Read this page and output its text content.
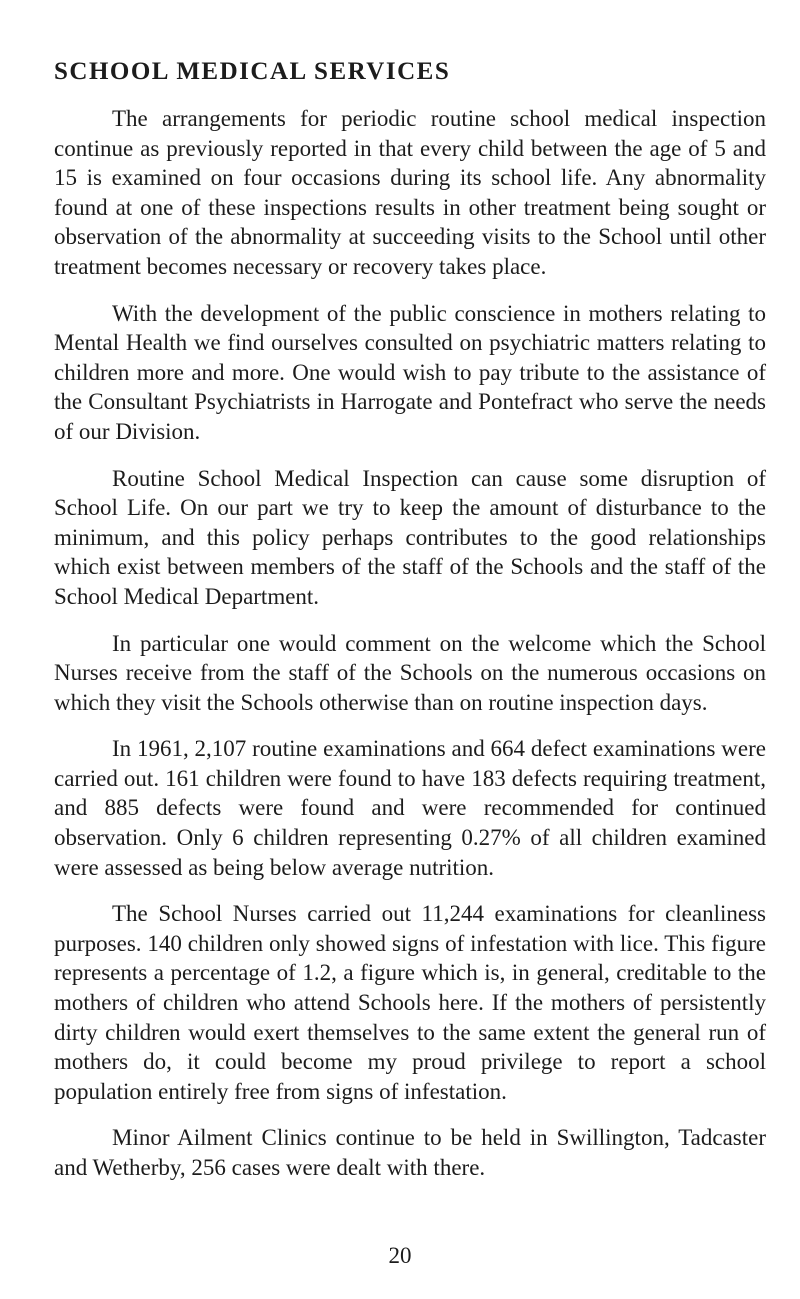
SCHOOL MEDICAL SERVICES

The arrangements for periodic routine school medical inspection continue as previously reported in that every child between the age of 5 and 15 is examined on four occasions during its school life. Any abnormality found at one of these inspections results in other treatment being sought or observation of the abnormality at succeeding visits to the School until other treatment becomes necessary or recovery takes place.

With the development of the public conscience in mothers relating to Mental Health we find ourselves consulted on psychiatric matters relating to children more and more. One would wish to pay tribute to the assistance of the Consultant Psychiatrists in Harrogate and Pontefract who serve the needs of our Division.

Routine School Medical Inspection can cause some disruption of School Life. On our part we try to keep the amount of disturbance to the minimum, and this policy perhaps contributes to the good relationships which exist between members of the staff of the Schools and the staff of the School Medical Department.

In particular one would comment on the welcome which the School Nurses receive from the staff of the Schools on the numerous occasions on which they visit the Schools otherwise than on routine inspection days.

In 1961, 2,107 routine examinations and 664 defect examinations were carried out. 161 children were found to have 183 defects requiring treatment, and 885 defects were found and were recommended for continued observation. Only 6 children representing 0.27% of all children examined were assessed as being below average nutrition.

The School Nurses carried out 11,244 examinations for cleanliness purposes. 140 children only showed signs of infestation with lice. This figure represents a percentage of 1.2, a figure which is, in general, creditable to the mothers of children who attend Schools here. If the mothers of persistently dirty children would exert themselves to the same extent the general run of mothers do, it could become my proud privilege to report a school population entirely free from signs of infestation.

Minor Ailment Clinics continue to be held in Swillington, Tadcaster and Wetherby, 256 cases were dealt with there.

20
